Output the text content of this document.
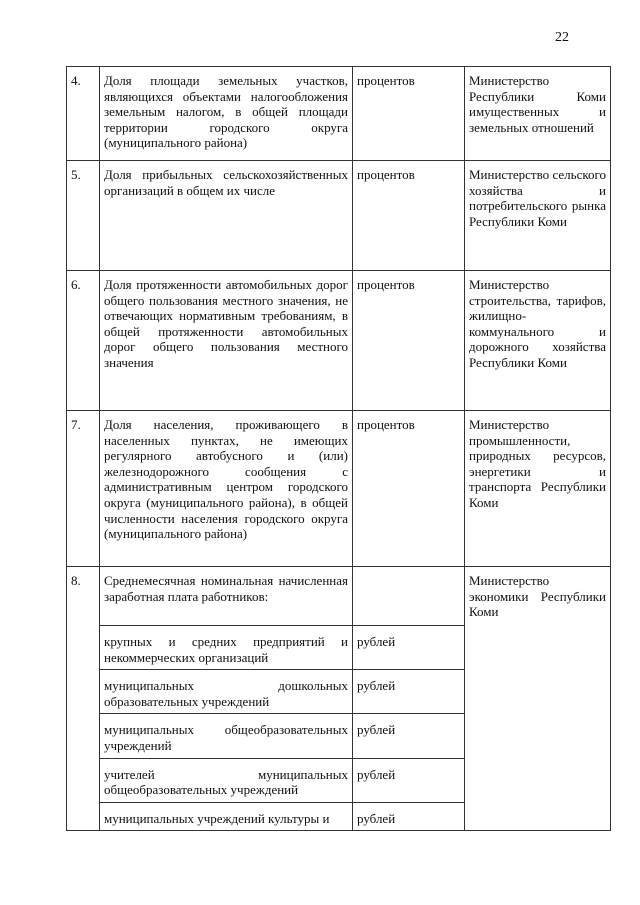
22
4.	Доля площади земельных участков, являющихся объектами налогообложения земельным налогом, в общей площади территории городского округа (муниципального района)	процентов	Министерство Республики Коми имущественных и земельных отношений
5.	Доля прибыльных сельскохозяйственных организаций в общем их числе	процентов	Министерство сельского хозяйства и потребительского рынка Республики Коми
6.	Доля протяженности автомобильных дорог общего пользования местного значения, не отвечающих нормативным требованиям, в общей протяженности автомобильных дорог общего пользования местного значения	процентов	Министерство строительства, тарифов, жилищно-коммунального и дорожного хозяйства Республики Коми
7.	Доля населения, проживающего в населенных пунктах, не имеющих регулярного автобусного и (или) железнодорожного сообщения с административным центром городского округа (муниципального района), в общей численности населения городского округа (муниципального района)	процентов	Министерство промышленности, природных ресурсов, энергетики и транспорта Республики Коми
8.	Среднемесячная номинальная начисленная заработная плата работников:		Министерство экономики Республики Коми
	крупных и средних предприятий и некоммерческих организаций	рублей	
	муниципальных дошкольных образовательных учреждений	рублей	
	муниципальных общеобразовательных учреждений	рублей	
	учителей муниципальных общеобразовательных учреждений	рублей	
	муниципальных учреждений культуры и	рублей	
